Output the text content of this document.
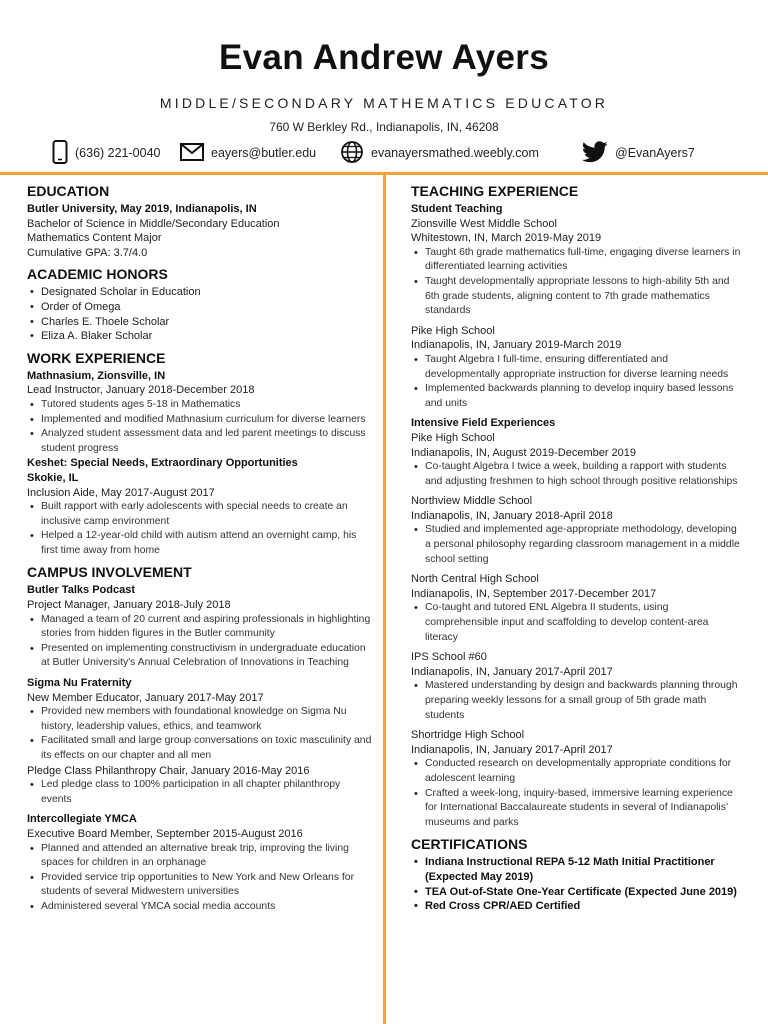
Evan Andrew Ayers
MIDDLE/SECONDARY MATHEMATICS EDUCATOR
760 W Berkley Rd., Indianapolis, IN, 46208
(636) 221-0040	eayers@butler.edu	evanayersmathed.weebly.com	@EvanAyers7
EDUCATION
Butler University, May 2019, Indianapolis, IN
Bachelor of Science in Middle/Secondary Education
Mathematics Content Major
Cumulative GPA: 3.7/4.0
ACADEMIC HONORS
• Designated Scholar in Education
• Order of Omega
• Charles E. Thoele Scholar
• Eliza A. Blaker Scholar
WORK EXPERIENCE
Mathnasium, Zionsville, IN
Lead Instructor, January 2018-December 2018
• Tutored students ages 5-18 in Mathematics
• Implemented and modified Mathnasium curriculum for diverse learners
• Analyzed student assessment data and led parent meetings to discuss student progress
Keshet: Special Needs, Extraordinary Opportunities
Skokie, IL
Inclusion Aide, May 2017-August 2017
• Built rapport with early adolescents with special needs to create an inclusive camp environment
• Helped a 12-year-old child with autism attend an overnight camp, his first time away from home
CAMPUS INVOLVEMENT
Butler Talks Podcast
Project Manager, January 2018-July 2018
• Managed a team of 20 current and aspiring professionals in highlighting stories from hidden figures in the Butler community
• Presented on implementing constructivism in undergraduate education at Butler University's Annual Celebration of Innovations in Teaching
Sigma Nu Fraternity
New Member Educator, January 2017-May 2017
• Provided new members with foundational knowledge on Sigma Nu history, leadership values, ethics, and teamwork
• Facilitated small and large group conversations on toxic masculinity and its effects on our chapter and all men
Pledge Class Philanthropy Chair, January 2016-May 2016
• Led pledge class to 100% participation in all chapter philanthropy events
Intercollegiate YMCA
Executive Board Member, September 2015-August 2016
• Planned and attended an alternative break trip, improving the living spaces for children in an orphanage
• Provided service trip opportunities to New York and New Orleans for students of several Midwestern universities
• Administered several YMCA social media accounts
TEACHING EXPERIENCE
Student Teaching
Zionsville West Middle School
Whitestown, IN, March 2019-May 2019
• Taught 6th grade mathematics full-time, engaging diverse learners in differentiated learning activities
• Taught developmentally appropriate lessons to high-ability 5th and 6th grade students, aligning content to 7th grade mathematics standards
Pike High School
Indianapolis, IN, January 2019-March 2019
• Taught Algebra I full-time, ensuring differentiated and developmentally appropriate instruction for diverse learning needs
• Implemented backwards planning to develop inquiry based lessons and units
Intensive Field Experiences
Pike High School
Indianapolis, IN, August 2019-December 2019
• Co-taught Algebra I twice a week, building a rapport with students and adjusting freshmen to high school through positive relationships
Northview Middle School
Indianapolis, IN, January 2018-April 2018
• Studied and implemented age-appropriate methodology, developing a personal philosophy regarding classroom management in a middle school setting
North Central High School
Indianapolis, IN, September 2017-December 2017
• Co-taught and tutored ENL Algebra II students, using comprehensible input and scaffolding to develop content-area literacy
IPS School #60
Indianapolis, IN, January 2017-April 2017
• Mastered understanding by design and backwards planning through preparing weekly lessons for a small group of 5th grade math students
Shortridge High School
Indianapolis, IN, January 2017-April 2017
• Conducted research on developmentally appropriate conditions for adolescent learning
• Crafted a week-long, inquiry-based, immersive learning experience for International Baccalaureate students in several of Indianapolis' museums and parks
CERTIFICATIONS
• Indiana Instructional REPA 5-12 Math Initial Practitioner (Expected May 2019)
• TEA Out-of-State One-Year Certificate (Expected June 2019)
• Red Cross CPR/AED Certified
